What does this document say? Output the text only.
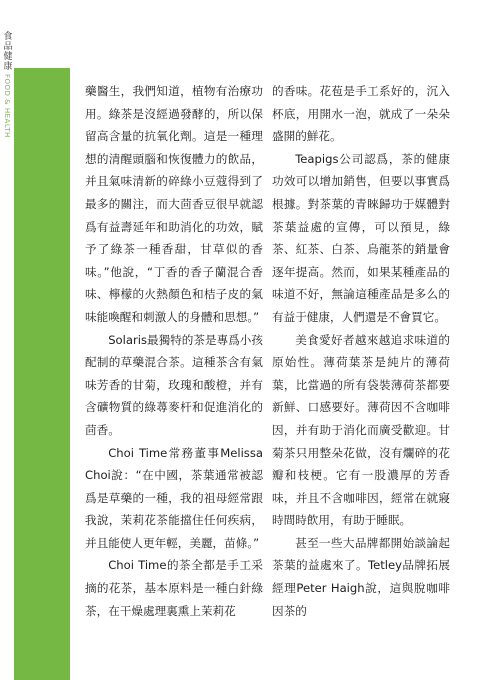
食品健康
FOOD & HEALTH	藥醫生，我們知道，植物有治療功用。綠茶是沒經過發酵的，所以保留高含量的抗氧化劑。這是一種理想的清醒頭腦和恢復體力的飲品，并且氣味清新的碎綠小豆蔻得到了最多的關注，而大茴香豆很早就認爲有益壽延年和助消化的功效，賦予了綠茶一種香甜，甘草似的香味。”他說，“丁香的香子蘭混合香味、檸檬的火熱顏色和桔子皮的氣味能喚醒和刺激人的身體和思想。”

Solaris最獨特的茶是專爲小孩配制的草藥混合茶。這種茶含有氣味芳香的甘菊，玫瑰和酸橙，并有含礦物質的綠蕁麥杆和促進消化的茴香。

Choi Time常務董事Melissa Choi說：“在中國，茶葉通常被認爲是草藥的一種，我的祖母經常跟我說，茉莉花茶能擋住任何疾病，并且能使人更年輕，美麗，苗條。”

Choi Time的茶全都是手工采摘的花茶，基本原料是一種白針綠茶，在干燥處理裏熏上茉莉花

的香味。花苞是手工系好的，沉入杯底，用開水一泡，就成了一朵朵盛開的鮮花。

Teapigs公司認爲，茶的健康功效可以增加銷售，但要以事實爲根據。對茶葉的青睞歸功于媒體對茶葉益處的宣傳，可以預見，綠茶、紅茶、白茶、烏龍茶的銷量會逐年提高。然而，如果某種產品的味道不好，無論這種產品是多么的有益于健康，人們還是不會買它。

美食愛好者越來越追求味道的原始性。薄荷葉茶是純片的薄荷葉，比當過的所有袋裝薄荷茶都要新鮮、口感要好。薄荷因不含咖啡因，并有助于消化而廣受歡迎。甘菊茶只用整朵花做，沒有爛碎的花瓣和枝梗。它有一股濃厚的芳香味，并且不含咖啡因，經常在就寢時間時飲用，有助于睡眠。

甚至一些大品牌都開始談論起茶葉的益處來了。Tetley品牌拓展經理Peter Haigh說，這與脫咖啡因茶的
